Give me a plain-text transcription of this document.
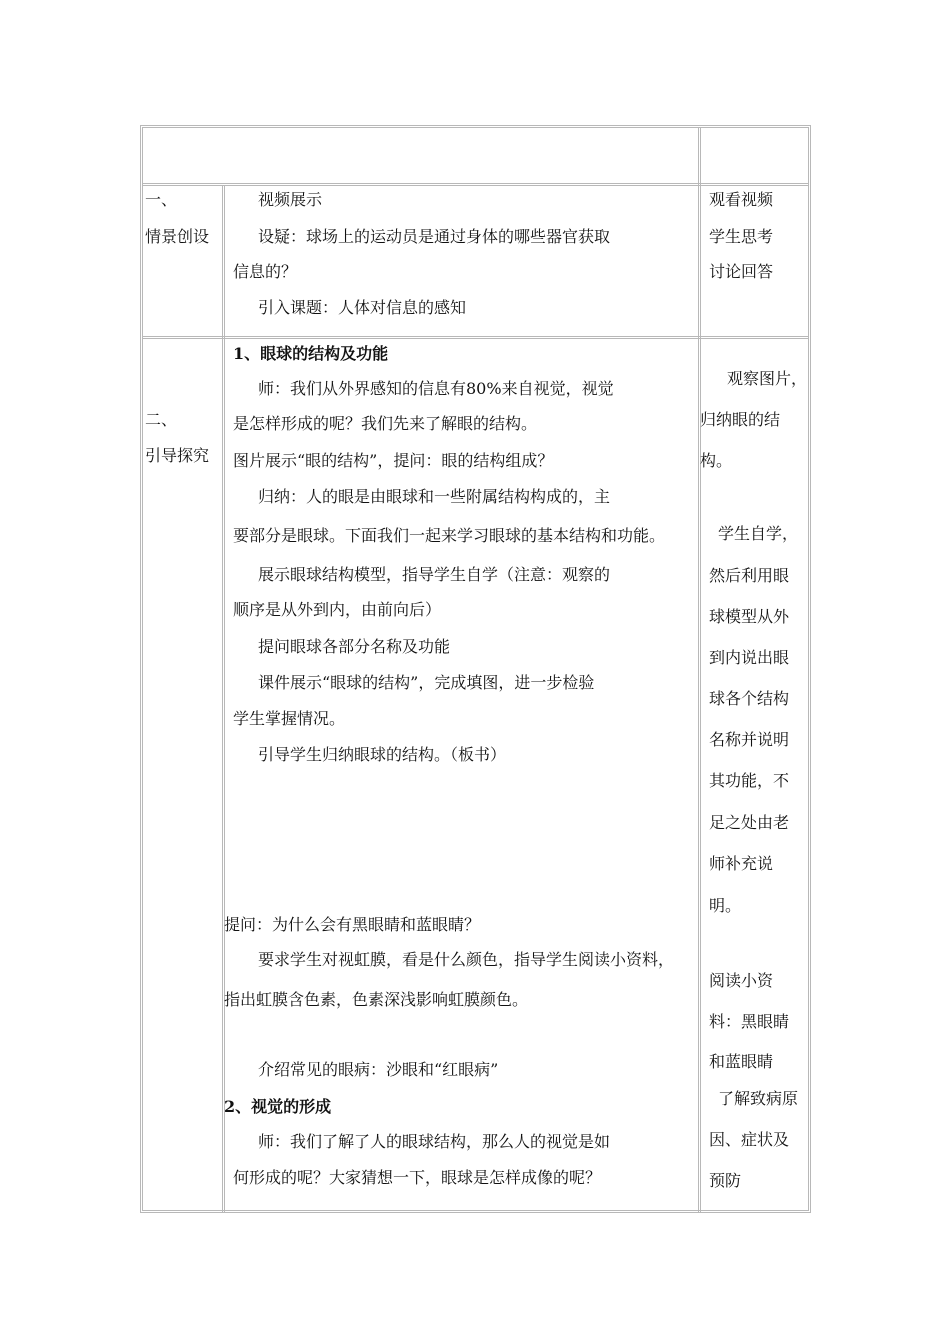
一、
情景创设
视频展示
设疑：球场上的运动员是通过身体的哪些器官获取
信息的？
引入课题：人体对信息的感知
观看视频
学生思考
讨论回答
二、
引导探究
1、眼球的结构及功能
师：我们从外界感知的信息有80%来自视觉，视觉
是怎样形成的呢？我们先来了解眼的结构。
图片展示“眼的结构”，提问：眼的结构组成？
归纳：人的眼是由眼球和一些附属结构构成的，主
要部分是眼球。下面我们一起来学习眼球的基本结构和功能。
展示眼球结构模型，指导学生自学（注意：观察的
顺序是从外到内，由前向后）
提问眼球各部分名称及功能
课件展示“眼球的结构”，完成填图，进一步检验
学生掌握情况。
引导学生归纳眼球的结构。（板书）
提问：为什么会有黑眼睛和蓝眼睛？
要求学生对视虹膜，看是什么颜色，指导学生阅读小资料，
指出虹膜含色素，色素深浅影响虹膜颜色。
介绍常见的眼病：沙眼和“红眼病”
2、视觉的形成
师：我们了解了人的眼球结构，那么人的视觉是如
何形成的呢？大家猜想一下，眼球是怎样成像的呢？
观察图片，
归纳眼的结
构。
学生自学，
然后利用眼
球模型从外
到内说出眼
球各个结构
名称并说明
其功能，不
足之处由老
师补充说
明。
阅读小资
料：黑眼睛
和蓝眼睛
了解致病原
因、症状及
预防
